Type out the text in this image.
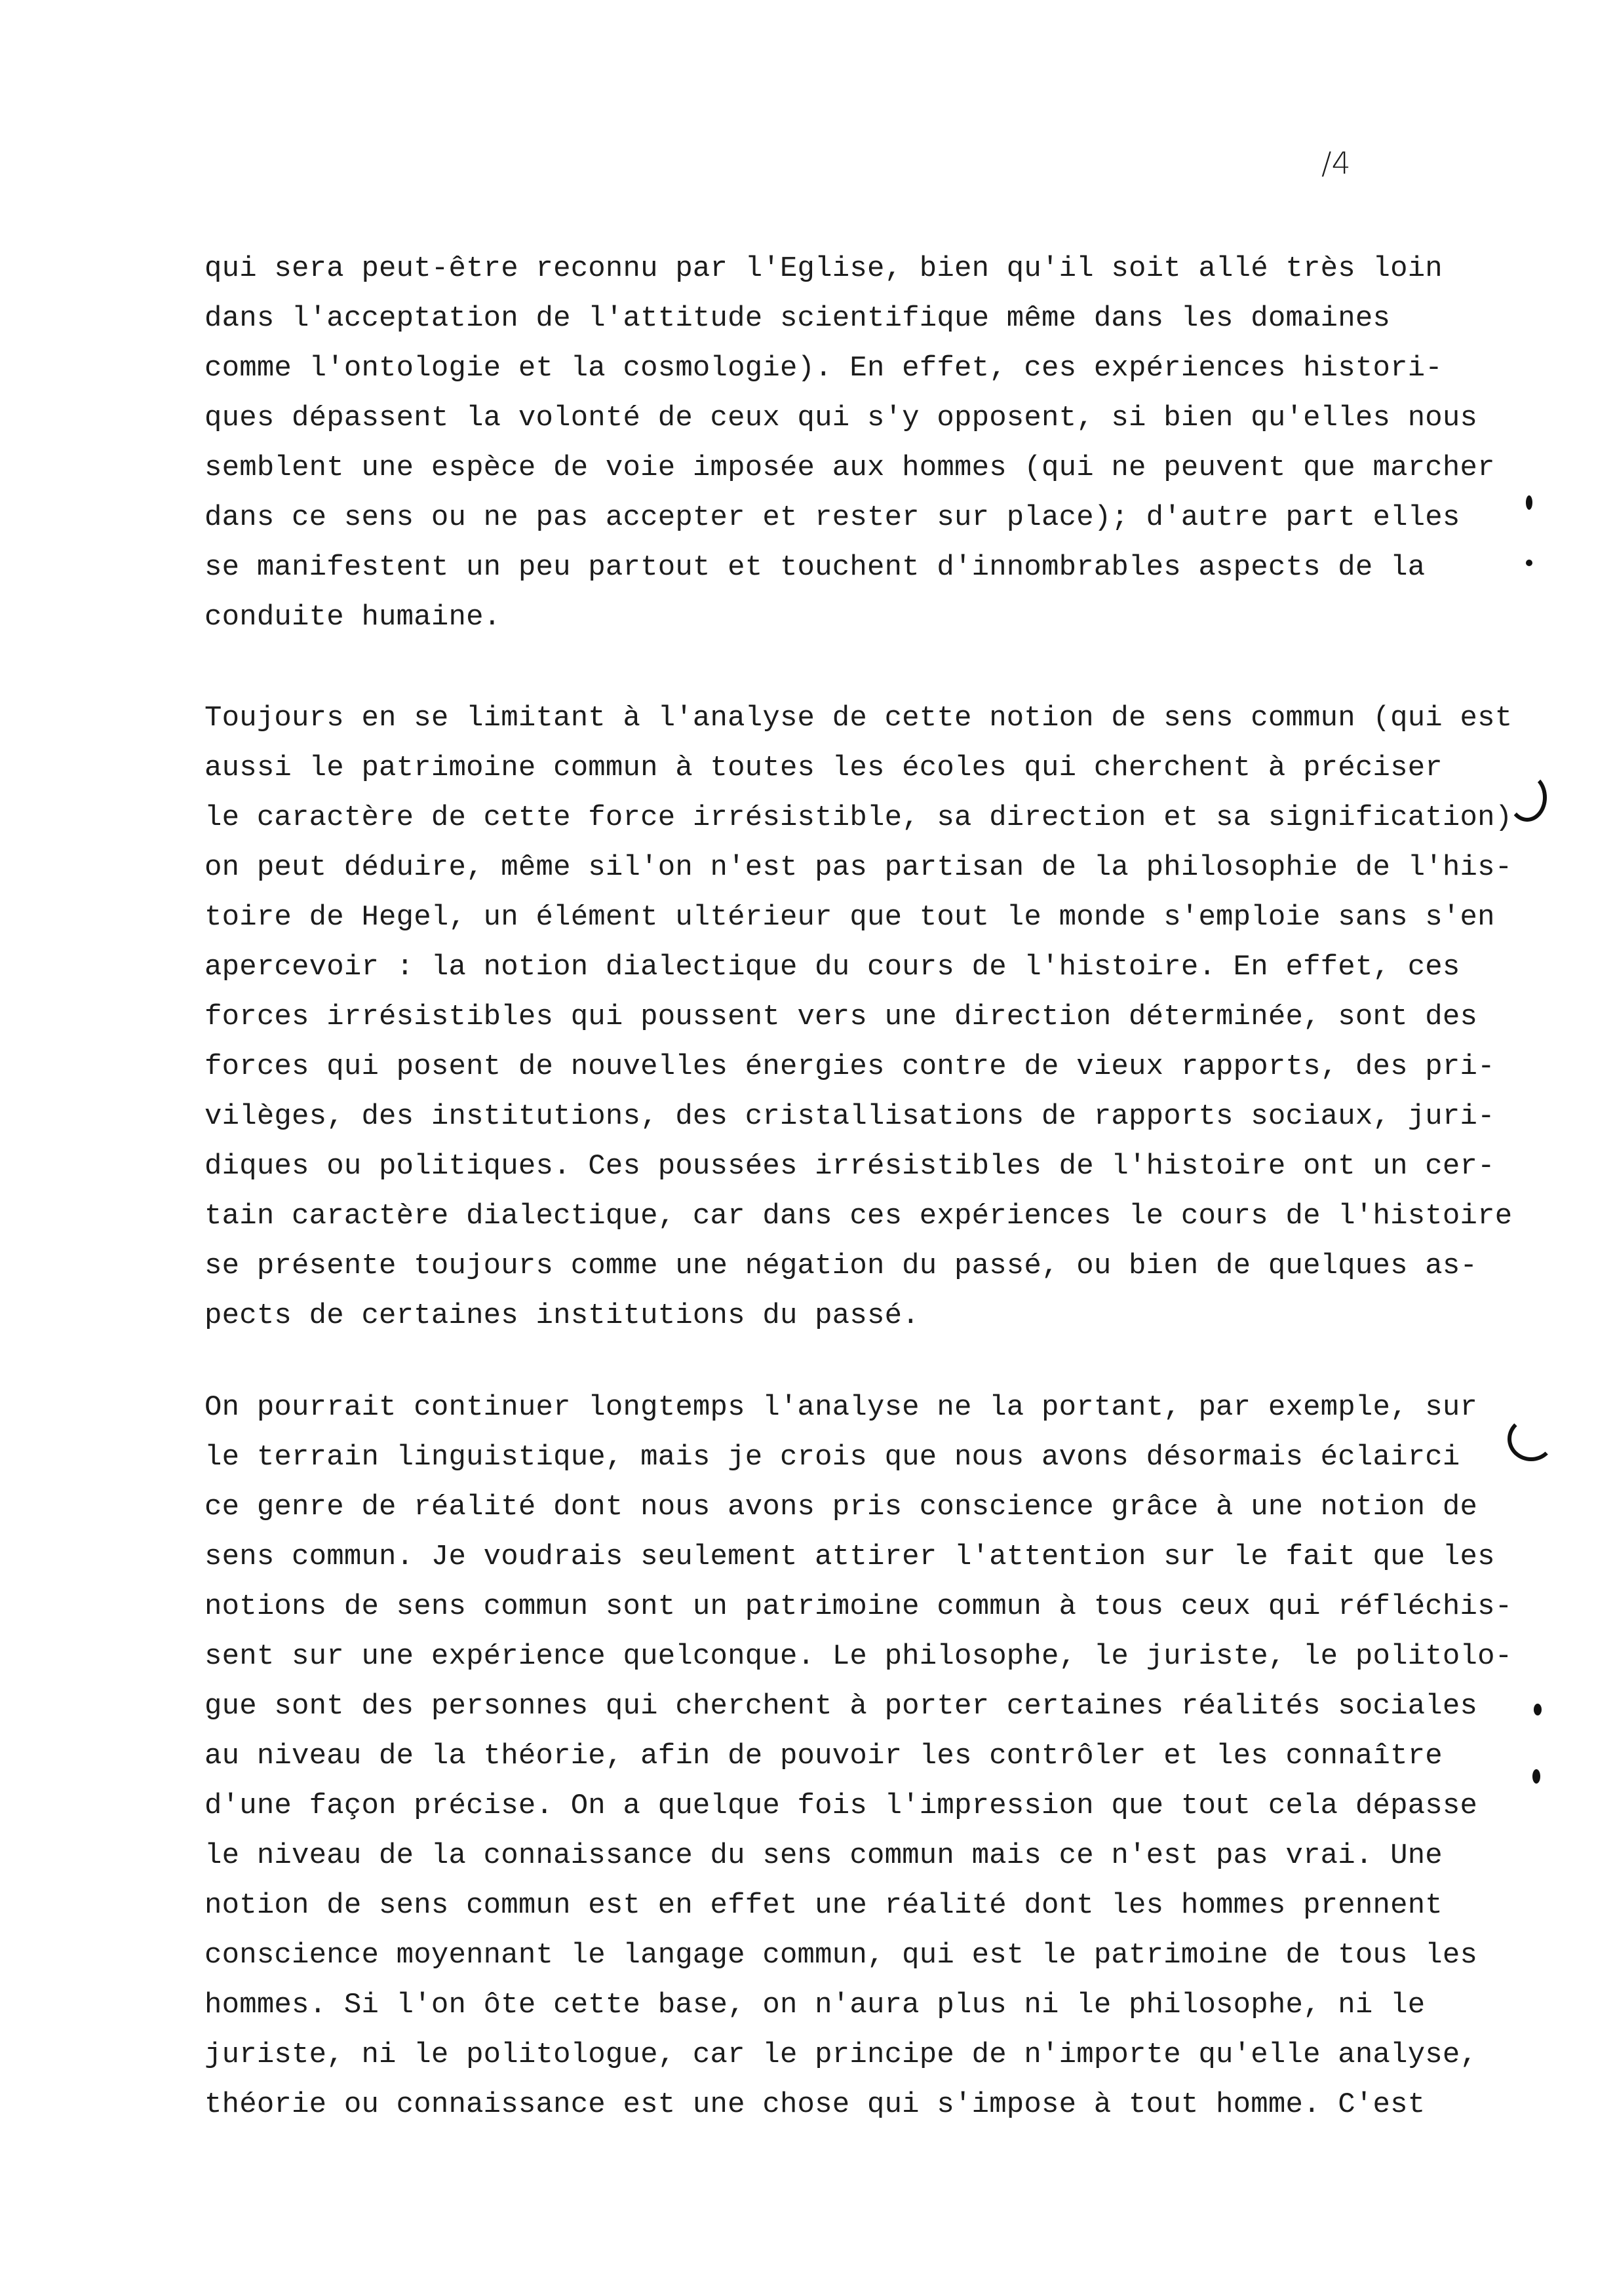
/4
qui sera peut-être reconnu par l'Eglise, bien qu'il soit allé très loin
dans l'acceptation de l'attitude scientifique même dans les domaines
comme l'ontologie et la cosmologie). En effet, ces expériences histori-
ques dépassent la volonté de ceux qui s'y opposent, si bien qu'elles nous
semblent une espèce de voie imposée aux hommes (qui ne peuvent que marcher
dans ce sens ou ne pas accepter et rester sur place); d'autre part elles
se manifestent un peu partout et touchent d'innombrables aspects de la
conduite humaine.
Toujours en se limitant à l'analyse de cette notion de sens commun (qui est
aussi le patrimoine commun à toutes les écoles qui cherchent à préciser
le caractère de cette force irrésistible, sa direction et sa signification)
on peut déduire, même sil'on n'est pas partisan de la philosophie de l'his-
toire de Hegel, un élément ultérieur que tout le monde s'emploie sans s'en
apercevoir : la notion dialectique du cours de l'histoire. En effet, ces
forces irrésistibles qui poussent vers une direction déterminée, sont des
forces qui posent de nouvelles énergies contre de vieux rapports, des pri-
vilèges, des institutions, des cristallisations de rapports sociaux, juri-
diques ou politiques. Ces poussées irrésistibles de l'histoire ont un cer-
tain caractère dialectique, car dans ces expériences le cours de l'histoire
se présente toujours comme une négation du passé, ou bien de quelques as-
pects de certaines institutions du passé.
On pourrait continuer longtemps l'analyse ne la portant, par exemple, sur
le terrain linguistique, mais je crois que nous avons désormais éclairci
ce genre de réalité dont nous avons pris conscience grâce à une notion de
sens commun. Je voudrais seulement attirer l'attention sur le fait que les
notions de sens commun sont un patrimoine commun à tous ceux qui réfléchis-
sent sur une expérience quelconque. Le philosophe, le juriste, le politolo-
gue sont des personnes qui cherchent à porter certaines réalités sociales
au niveau de la théorie, afin de pouvoir les contrôler et les connaître
d'une façon précise. On a quelque fois l'impression que tout cela dépasse
le niveau de la connaissance du sens commun mais ce n'est pas vrai. Une
notion de sens commun est en effet une réalité dont les hommes prennent
conscience moyennant le langage commun, qui est le patrimoine de tous les
hommes. Si l'on ôte cette base, on n'aura plus ni le philosophe, ni le
juriste, ni le politologue, car le principe de n'importe qu'elle analyse,
théorie ou connaissance est une chose qui s'impose à tout homme. C'est
